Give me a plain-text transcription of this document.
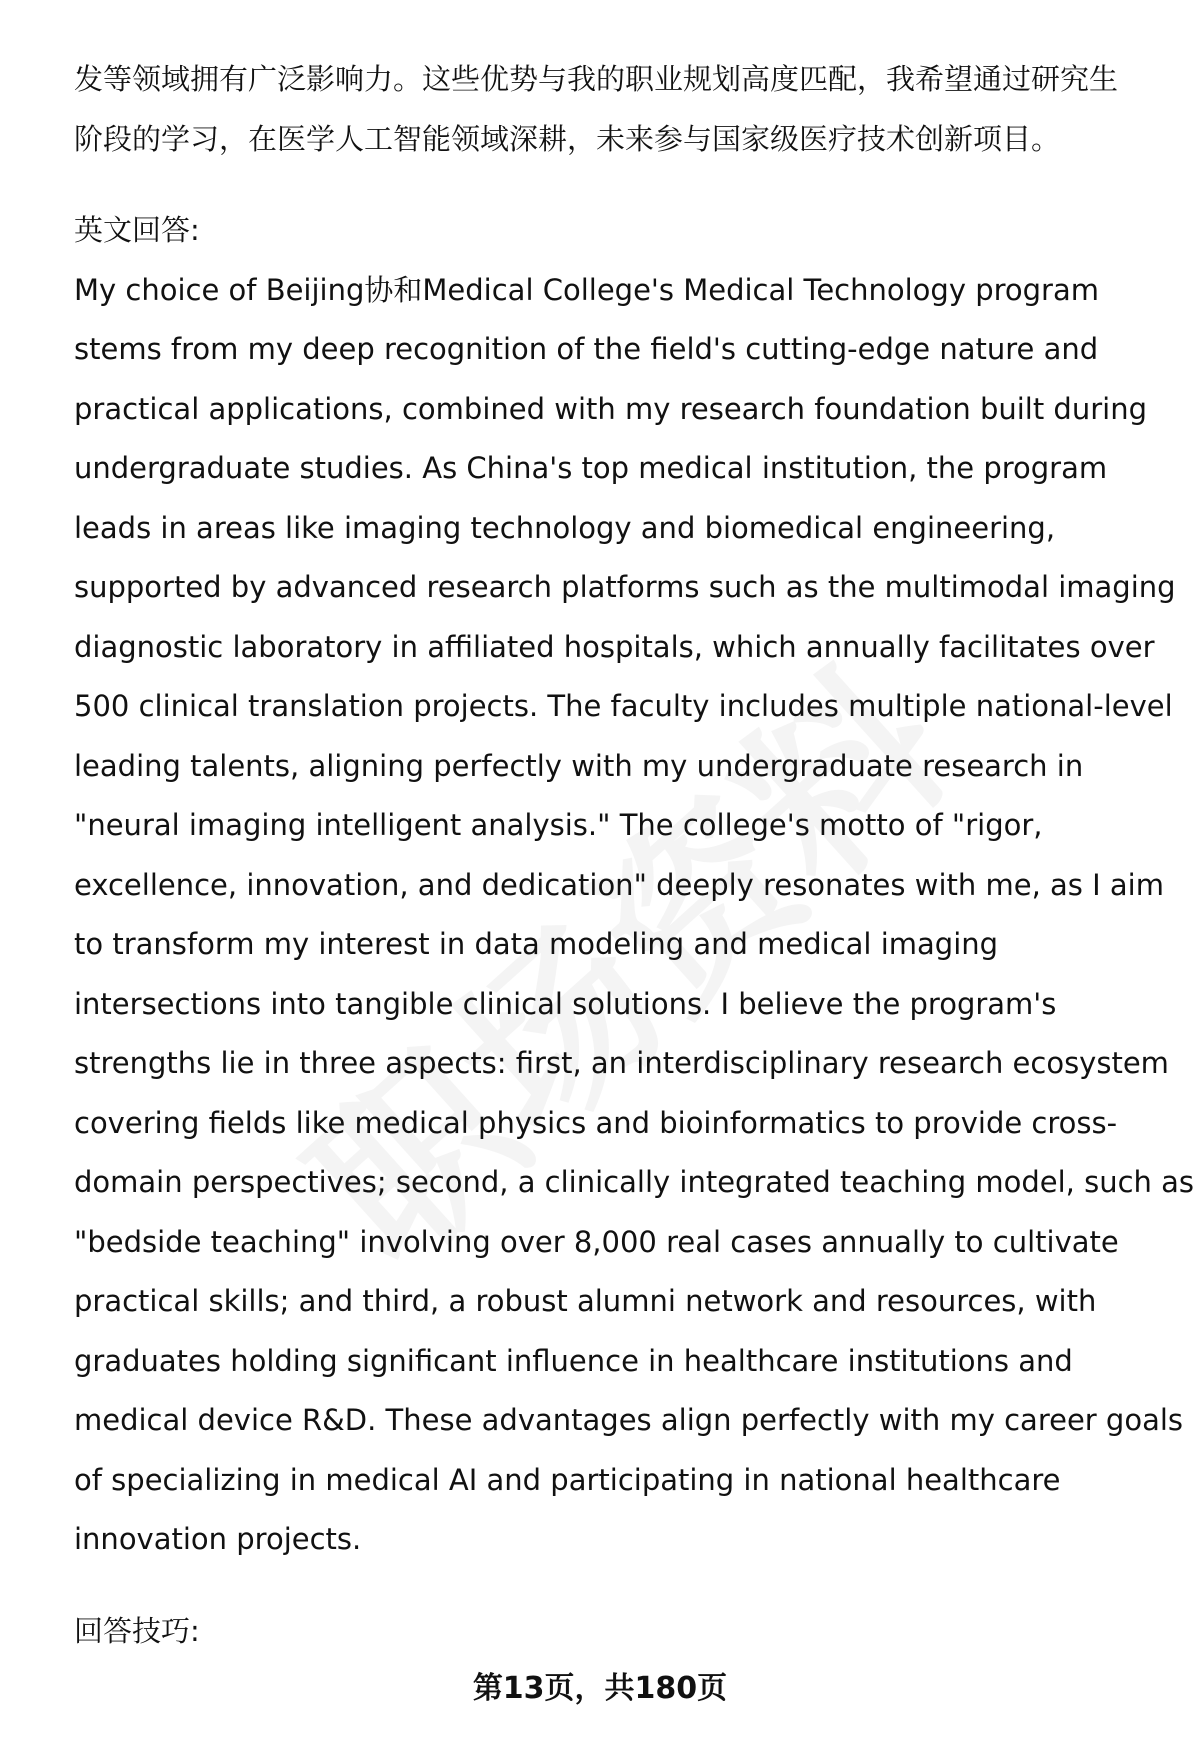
发等领域拥有广泛影响力。这些优势与我的职业规划高度匹配，我希望通过研究生
阶段的学习，在医学人工智能领域深耕，未来参与国家级医疗技术创新项目。
英文回答:
My choice of Beijing协和Medical College's Medical Technology program
stems from my deep recognition of the field's cutting-edge nature and
practical applications, combined with my research foundation built during
undergraduate studies. As China's top medical institution, the program
leads in areas like imaging technology and biomedical engineering,
supported by advanced research platforms such as the multimodal imaging
diagnostic laboratory in affiliated hospitals, which annually facilitates over
500 clinical translation projects. The faculty includes multiple national-level
leading talents, aligning perfectly with my undergraduate research in
"neural imaging intelligent analysis." The college's motto of "rigor,
excellence, innovation, and dedication" deeply resonates with me, as I aim
to transform my interest in data modeling and medical imaging
intersections into tangible clinical solutions. I believe the program's
strengths lie in three aspects: first, an interdisciplinary research ecosystem
covering fields like medical physics and bioinformatics to provide cross-
domain perspectives; second, a clinically integrated teaching model, such as
"bedside teaching" involving over 8,000 real cases annually to cultivate
practical skills; and third, a robust alumni network and resources, with
graduates holding significant influence in healthcare institutions and
medical device R&D. These advantages align perfectly with my career goals
of specializing in medical AI and participating in national healthcare
innovation projects.
回答技巧:
第13页，共180页
